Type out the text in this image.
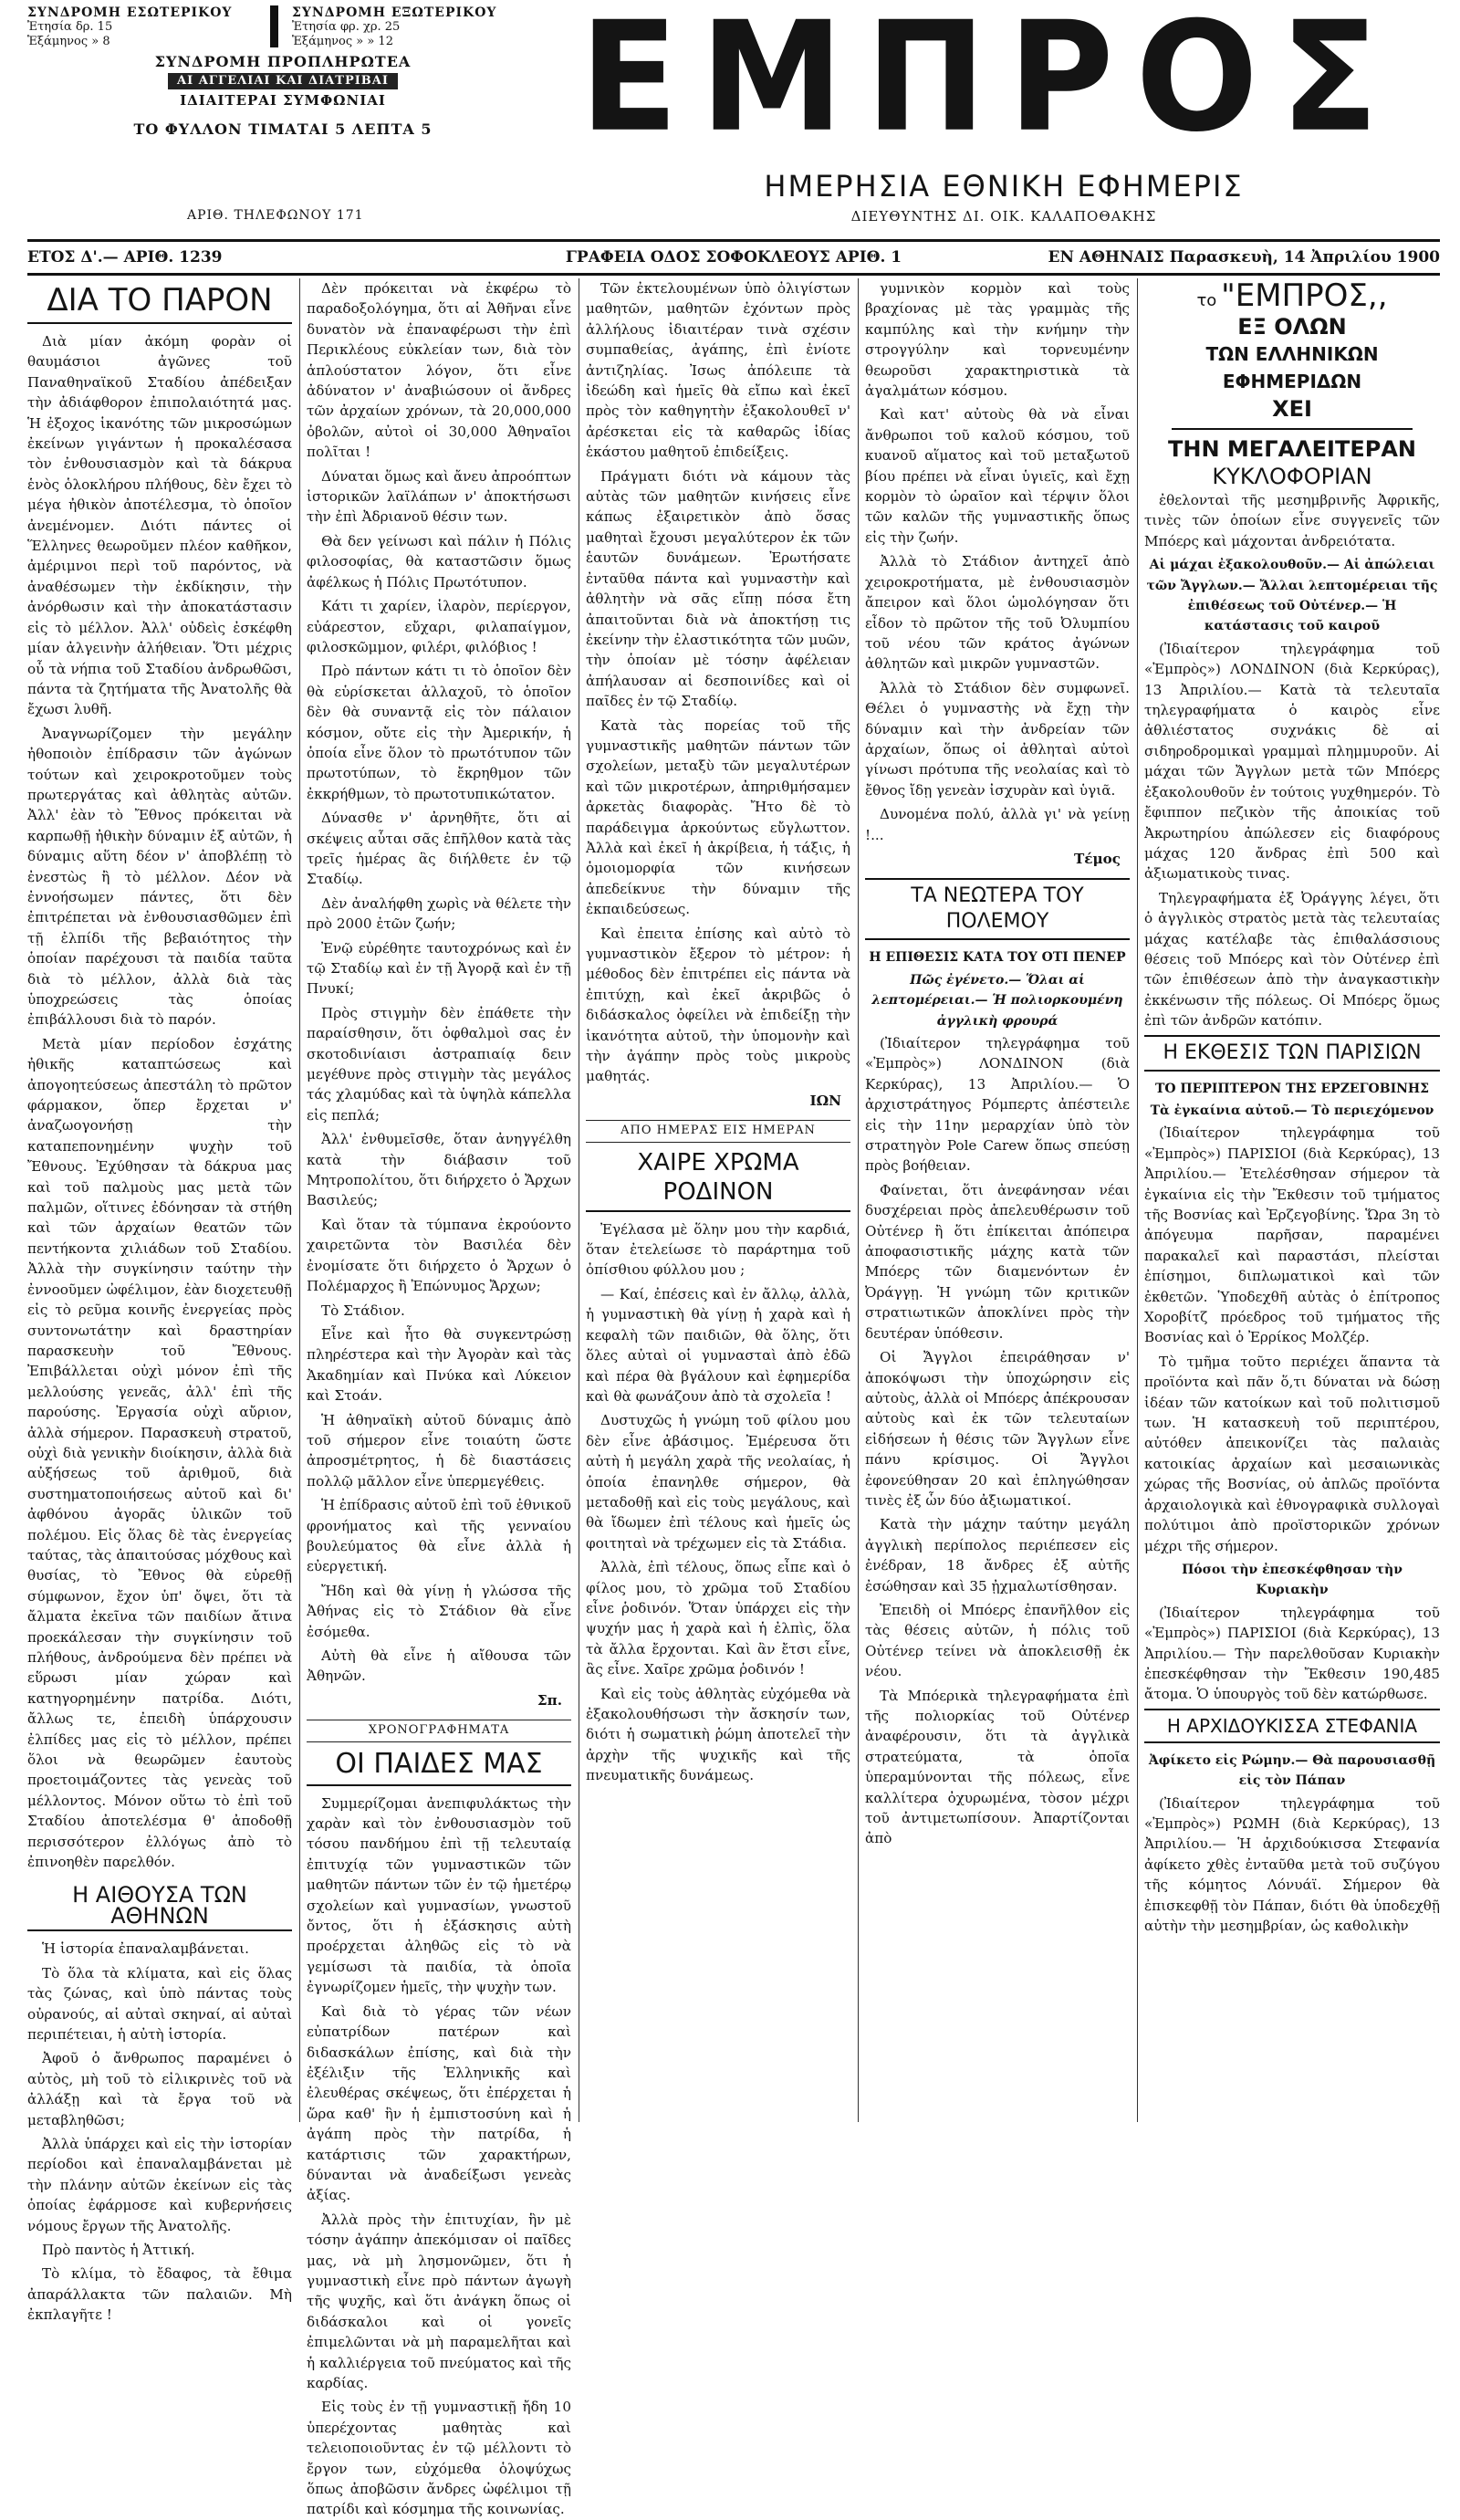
ΣΥΝΔΡΟΜΗ ΕΣΩΤΕΡΙΚΟΥ
Ἐτησία δρ. 15
Ἑξάμηνος » 8
ΣΥΝΔΡΟΜΗ ΕΞΩΤΕΡΙΚΟΥ
Ἐτησία φρ. χρ. 25
Ἑξάμηνος » » 12
ΣΥΝΔΡΟΜΗ ΠΡΟΠΛΗΡΩΤΕΑ
ΑΙ ΑΓΓΕΛΙΑΙ ΚΑΙ ΔΙΑΤΡΙΒΑΙ
ΙΔΙΑΙΤΕΡΑΙ ΣΥΜΦΩΝΙΑΙ
ΤΟ ΦΥΛΛΟΝ ΤΙΜΑΤΑΙ 5 ΛΕΠΤΑ 5
ΑΡΙΘ. ΤΗΛΕΦΩΝΟΥ 171
ΕΜΠΡΟΣ
ΗΜΕΡΗΣΙΑ ΕΘΝΙΚΗ ΕΦΗΜΕΡΙΣ
ΔΙΕΥΘΥΝΤΗΣ ΔΙ. ΟΙΚ. ΚΑΛΑΠΟΘΑΚΗΣ
ΕΤΟΣ Δ'.— ΑΡΙΘ. 1239	ΓΡΑΦΕΙΑ ΟΔΟΣ ΣΟΦΟΚΛΕΟΥΣ ΑΡΙΘ. 1	ΕΝ ΑΘΗΝΑΙΣ Παρασκευὴ, 14 Ἀπριλίου 1900
ΔΙΑ ΤΟ ΠΑΡΟΝ

Διὰ μίαν ἀκόμη φορὰν οἱ θαυμάσιοι ἀγῶνες τοῦ Παναθηναϊκοῦ Σταδίου ἀπέδειξαν τὴν ἀδιάφθορον ἐπιπολαιότητά μας. Ἡ ἐξοχος ἱκανότης τῶν μικροσώμων ἐκείνων γιγάντων ἡ προκαλέσασα τὸν ἐνθουσιασμὸν καὶ τὰ δάκρυα ἑνὸς ὁλοκλήρου πλήθους, δὲν ἔχει τὸ μέγα ἠθικὸν ἀποτέλεσμα, τὸ ὁποῖον ἀνεμένομεν. Διότι πάντες οἱ Ἕλληνες θεωροῦμεν πλέον καθῆκον, ἀμέριμνοι περὶ τοῦ παρόντος, νὰ ἀναθέσωμεν τὴν ἐκδίκησιν, τὴν ἀνόρθωσιν καὶ τὴν ἀποκατάστασιν εἰς τὸ μέλλον. Ἀλλ' οὐδεὶς ἐσκέφθη μίαν ἀλγεινὴν ἀλήθειαν. Ὅτι μέχρις οὗ τὰ νήπια τοῦ Σταδίου ἀνδρωθῶσι, πάντα τὰ ζητήματα τῆς Ἀνατολῆς θὰ ἔχωσι λυθῆ.

Ἀναγνωρίζομεν τὴν μεγάλην ἠθοποιὸν ἐπίδρασιν τῶν ἀγώνων τούτων καὶ χειροκροτοῦμεν τοὺς πρωτεργάτας καὶ ἀθλητὰς αὐτῶν. Ἀλλ' ἐὰν τὸ Ἔθνος πρόκειται νὰ καρπωθῇ ἠθικὴν δύναμιν ἐξ αὐτῶν, ἡ δύναμις αὕτη δέον ν' ἀποβλέπῃ τὸ ἐνεστὼς ἢ τὸ μέλλον. Δέον νὰ ἐννοήσωμεν πάντες, ὅτι δὲν ἐπιτρέπεται νὰ ἐνθουσιασθῶμεν ἐπὶ τῇ ἐλπίδι τῆς βεβαιότητος τὴν ὁποίαν παρέχουσι τὰ παιδία ταῦτα διὰ τὸ μέλλον, ἀλλὰ διὰ τὰς ὑποχρεώσεις τὰς ὁποίας ἐπιβάλλουσι διὰ τὸ παρόν.

Μετὰ μίαν περίοδον ἐσχάτης ἠθικῆς καταπτώσεως καὶ ἀπογοητεύσεως ἀπεστάλη τὸ πρῶτον φάρμακον, ὅπερ ἔρχεται ν' ἀναζωογονήσῃ τὴν καταπεπονημένην ψυχὴν τοῦ Ἔθνους. Ἐχύθησαν τὰ δάκρυα μας καὶ τοῦ παλμοὺς μας μετὰ τῶν παλμῶν, οἵτινες ἐδόνησαν τὰ στήθη καὶ τῶν ἀρχαίων θεατῶν τῶν πεντήκοντα χιλιάδων τοῦ Σταδίου. Ἀλλὰ τὴν συγκίνησιν ταύτην τὴν ἐννοοῦμεν ὠφέλιμον, ἐὰν διοχετευθῇ εἰς τὸ ρεῦμα κοινῆς ἐνεργείας πρὸς συντονωτάτην καὶ δραστηρίαν παρασκευὴν τοῦ Ἔθνους. Ἐπιβάλλεται οὐχὶ μόνον ἐπὶ τῆς μελλούσης γενεᾶς, ἀλλ' ἐπὶ τῆς παρούσης. Ἐργασία οὐχὶ αὔριον, ἀλλὰ σήμερον. Παρασκευὴ στρατοῦ, οὐχὶ διὰ γενικὴν διοίκησιν, ἀλλὰ διὰ αὐξήσεως τοῦ ἀριθμοῦ, διὰ συστηματοποιήσεως αὐτοῦ καὶ δι' ἀφθόνου ἀγορᾶς ὑλικῶν τοῦ πολέμου. Εἰς ὅλας δὲ τὰς ἐνεργείας ταύτας, τὰς ἀπαιτούσας μόχθους καὶ θυσίας, τὸ Ἔθνος θὰ εὑρεθῇ σύμφωνον, ἔχον ὑπ' ὄψει, ὅτι τὰ ἄλματα ἐκεῖνα τῶν παιδίων ἄτινα προεκάλεσαν τὴν συγκίνησιν τοῦ πλήθους, ἀνδρούμενα δὲν πρέπει νὰ εὕρωσι μίαν χώραν καὶ κατηγορημένην πατρίδα. Διότι, ἄλλως τε, ἐπειδὴ ὑπάρχουσιν ἐλπίδες μας εἰς τὸ μέλλον, πρέπει ὅλοι νὰ θεωρῶμεν ἐαυτοὺς προετοιμάζοντες τὰς γενεὰς τοῦ μέλλοντος. Μόνον οὕτω τὸ ἐπὶ τοῦ Σταδίου ἀποτελέσμα θ' ἀποδοθῇ περισσότερον ἐλλόγως ἀπὸ τὸ ἐπινοηθὲν παρελθόν.

Η ΑΙΘΟΥΣΑ ΤΩΝ ΑΘΗΝΩΝ

Ἡ ἱστορία ἐπαναλαμβάνεται.

Τὸ ὅλα τὰ κλίματα, καὶ εἰς ὅλας τὰς ζώνας, καὶ ὑπὸ πάντας τοὺς οὐρανούς, αἱ αὐταὶ σκηναί, αἱ αὐταὶ περιπέτειαι, ἡ αὐτὴ ἱστορία.

Ἀφοῦ ὁ ἄνθρωπος παραμένει ὁ αὐτὸς, μὴ τοῦ τὸ εἰλικρινὲς τοῦ νὰ ἀλλάξῃ καὶ τὰ ἔργα τοῦ νὰ μεταβληθῶσι;

Ἀλλὰ ὑπάρχει καὶ εἰς τὴν ἱστορίαν περίοδοι καὶ ἐπαναλαμβάνεται μὲ τὴν πλάνην αὐτῶν ἐκείνων εἰς τὰς ὁποίας ἐφάρμοσε καὶ κυβερνήσεις νόμους ἔργων τῆς Ἀνατολῆς.

Πρὸ παντὸς ἡ Ἀττική.

Τὸ κλίμα, τὸ ἔδαφος, τὰ ἔθιμα ἀπαράλλακτα τῶν παλαιῶν. Μὴ ἐκπλαγῆτε !

Δὲν πρόκειται νὰ ἐκφέρω τὸ παραδοξολόγημα, ὅτι αἱ Ἀθῆναι εἶνε δυνατὸν νὰ ἐπαναφέρωσι τὴν ἐπὶ Περικλέους εὐκλείαν των, διὰ τὸν ἁπλούστατον λόγον, ὅτι εἶνε ἀδύνατον ν' ἀναβιώσουν οἱ ἄνδρες τῶν ἀρχαίων χρόνων, τὰ 20,000,000 ὀβολῶν, αὐτοὶ οἱ 30,000 Ἀθηναῖοι πολῖται !

Δύναται ὅμως καὶ ἄνευ ἀπροόπτων ἱστορικῶν λαϊλάπων ν' ἀποκτήσωσι τὴν ἐπὶ Ἀδριανοῦ θέσιν των.

Θὰ δεν γείνωσι καὶ πάλιν ἡ Πόλις φιλοσοφίας, θὰ καταστῶσιν ὅμως ἀφέλκως ἡ Πόλις Πρωτότυπον.

Κάτι τι χαρίεν, ἱλαρὸν, περίεργον, εὐάρεστον, εὔχαρι, φιλαπαίγμον, φιλοσκῶμμον, φιλέρι, φιλόβιος !

Πρὸ πάντων κάτι τι τὸ ὁποῖον δὲν θὰ εὑρίσκεται ἀλλαχοῦ, τὸ ὁποῖον δὲν θὰ συναντᾷ εἰς τὸν πάλαιον κόσμον, οὔτε εἰς τὴν Ἀμερικήν, ἡ ὁποία εἶνε ὅλον τὸ πρωτότυπον τῶν πρωτοτύπων, τὸ ἔκρηθμον τῶν ἐκκρήθμων, τὸ πρωτοτυπικώτατον.

Δύνασθε ν' ἀρνηθῆτε, ὅτι αἱ σκέψεις αὗται σᾶς ἐπῆλθον κατὰ τὰς τρεῖς ἡμέρας ἃς διήλθετε ἐν τῷ Σταδίῳ.

Δὲν ἀναλήφθη χωρὶς νὰ θέλετε τὴν πρὸ 2000 ἐτῶν ζωήν;

Ἐνῷ εὐρέθητε ταυτοχρόνως καὶ ἐν τῷ Σταδίῳ καὶ ἐν τῇ Ἀγορᾷ καὶ ἐν τῇ Πνυκί;

Πρὸς στιγμὴν δὲν ἐπάθετε τὴν παραίσθησιν, ὅτι ὀφθαλμοὶ σας ἐν σκοτοδινίαισι ἀστραπιαίᾳ δειν μεγέθυνε πρὸς στιγμὴν τὰς μεγάλος τάς χλαμύδας καὶ τὰ ὑψηλὰ κάπελλα εἰς πεπλά;

Ἀλλ' ἐνθυμεῖσθε, ὅταν ἀνηγγέλθη κατὰ τὴν διάβασιν τοῦ Μητροπολίτου, ὅτι διήρχετο ὁ Ἄρχων Βασιλεύς;

Καὶ ὅταν τὰ τύμπανα ἐκρούοντο χαιρετῶντα τὸν Βασιλέα δὲν ἐνομίσατε ὅτι διήρχετο ὁ Ἄρχων ὁ Πολέμαρχος ἢ Ἐπώνυμος Ἄρχων;

Τὸ Στάδιον.

Εἶνε καὶ ἦτο θὰ συγκεντρώσῃ πληρέστερα καὶ τὴν Ἀγορὰν καὶ τὰς Ἀκαδημίαν καὶ Πνύκα καὶ Λύκειον καὶ Στοάν.

Ἡ ἀθηναϊκὴ αὐτοῦ δύναμις ἀπὸ τοῦ σήμερον εἶνε τοιαύτη ὥστε ἀπροσμέτρητος, ἡ δὲ διαστάσεις πολλῷ μᾶλλον εἶνε ὑπερμεγέθεις.

Ἡ ἐπίδρασις αὐτοῦ ἐπὶ τοῦ ἐθνικοῦ φρονήματος καὶ τῆς γενναίου βουλεύματος θὰ εἶνε ἀλλὰ ἡ εὐεργετική.

Ἤδη καὶ θὰ γίνῃ ἡ γλώσσα τῆς Ἀθήνας εἰς τὸ Στάδιον θὰ εἶνε ἐσόμεθα.

Αὐτὴ θὰ εἶνε ἡ αἴθουσα τῶν Ἀθηνῶν.

Σπ.
ΧΡΟΝΟΓΡΑΦΗΜΑΤΑ
ΟΙ ΠΑΙΔΕΣ ΜΑΣ

Συμμερίζομαι ἀνεπιφυλάκτως τὴν χαρὰν καὶ τὸν ἐνθουσιασμὸν τοῦ τόσου πανδήμου ἐπὶ τῇ τελευταίᾳ ἐπιτυχίᾳ τῶν γυμναστικῶν τῶν μαθητῶν πάντων τῶν ἐν τῷ ἡμετέρῳ σχολείων καὶ γυμνασίων, γνωστοῦ ὄντος, ὅτι ἡ ἐξάσκησις αὐτὴ προέρχεται ἀληθῶς εἰς τὸ νὰ γεμίσωσι τὰ παιδία, τὰ ὁποῖα ἐγνωρίζομεν ἡμεῖς, τὴν ψυχὴν των.

Καὶ διὰ τὸ γέρας τῶν νέων εὐπατρίδων πατέρων καὶ διδασκάλων ἐπίσης, καὶ διὰ τὴν ἐξέλιξιν τῆς Ἑλληνικῆς καὶ ἐλευθέρας σκέψεως, ὅτι ἐπέρχεται ἡ ὥρα καθ' ἣν ἡ ἐμπιστοσύνη καὶ ἡ ἀγάπη πρὸς τὴν πατρίδα, ἡ κατάρτισις τῶν χαρακτήρων, δύνανται νὰ ἀναδείξωσι γενεὰς ἀξίας.

Ἀλλὰ πρὸς τὴν ἐπιτυχίαν, ἣν μὲ τόσην ἀγάπην ἀπεκόμισαν οἱ παῖδες μας, νὰ μὴ λησμονῶμεν, ὅτι ἡ γυμναστικὴ εἶνε πρὸ πάντων ἀγωγὴ τῆς ψυχῆς, καὶ ὅτι ἀνάγκη ὅπως οἱ διδάσκαλοι καὶ οἱ γονεῖς ἐπιμελῶνται νὰ μὴ παραμελῆται καὶ ἡ καλλιέργεια τοῦ πνεύματος καὶ τῆς καρδίας.

Εἰς τοὺς ἐν τῇ γυμναστικῇ ἤδη 10 ὑπερέχοντας μαθητὰς καὶ τελειοποιοῦντας ἐν τῷ μέλλοντι τὸ ἔργον των, εὐχόμεθα ὁλοψύχως ὅπως ἀποβῶσιν ἄνδρες ὠφέλιμοι τῇ πατρίδι καὶ κόσμημα τῆς κοινωνίας.

Τῶν ἐκτελουμένων ὑπὸ ὀλιγίστων μαθητῶν, μαθητῶν ἐχόντων πρὸς ἀλλήλους ἰδιαιτέραν τινὰ σχέσιν συμπαθείας, ἀγάπης, ἐπὶ ἐνίοτε ἀντιζηλίας. Ἰσως ἀπόλειπε τὰ ἰδεώδη καὶ ἡμεῖς θὰ εἴπω καὶ ἐκεῖ πρὸς τὸν καθηγητὴν ἐξακολουθεῖ ν' ἀρέσκεται εἰς τὰ καθαρῶς ἰδίας ἑκάστου μαθητοῦ ἐπιδείξεις.

Πράγματι διότι νὰ κάμουν τὰς αὐτὰς τῶν μαθητῶν κινήσεις εἶνε κάπως ἐξαιρετικὸν ἀπὸ ὅσας μαθηταὶ ἔχουσι μεγαλύτερον ἐκ τῶν ἑαυτῶν δυνάμεων. Ἐρωτήσατε ἐνταῦθα πάντα καὶ γυμναστὴν καὶ ἀθλητὴν νὰ σᾶς εἴπῃ πόσα ἔτη ἀπαιτοῦνται διὰ νὰ ἀποκτήσῃ τις ἐκείνην τὴν ἐλαστικότητα τῶν μυῶν, τὴν ὁποίαν μὲ τόσην ἀφέλειαν ἀπήλαυσαν αἱ δεσποινίδες καὶ οἱ παῖδες ἐν τῷ Σταδίῳ.

Κατὰ τὰς πορείας τοῦ τῆς γυμναστικῆς μαθητῶν πάντων τῶν σχολείων, μεταξὺ τῶν μεγαλυτέρων καὶ τῶν μικροτέρων, ἀπηριθμήσαμεν ἀρκετὰς διαφορὰς. Ἤτο δὲ τὸ παράδειγμα ἀρκούντως εὔγλωττον. Ἀλλὰ καὶ ἐκεῖ ἡ ἀκρίβεια, ἡ τάξις, ἡ ὁμοιομορφία τῶν κινήσεων ἀπεδείκνυε τὴν δύναμιν τῆς ἐκπαιδεύσεως.

Καὶ ἐπειτα ἐπίσης καὶ αὐτὸ τὸ γυμναστικὸν ἔξερον τὸ μέτρον: ἡ μέθοδος δὲν ἐπιτρέπει εἰς πάντα νὰ ἐπιτύχῃ, καὶ ἐκεῖ ἀκριβῶς ὁ διδάσκαλος ὀφείλει νὰ ἐπιδείξῃ τὴν ἱκανότητα αὐτοῦ, τὴν ὑπομονὴν καὶ τὴν ἀγάπην πρὸς τοὺς μικροὺς μαθητάς.

ΙΩΝ
ΑΠΟ ΗΜΕΡΑΣ ΕΙΣ ΗΜΕΡΑΝ
ΧΑΙΡΕ ΧΡΩΜΑ ΡΟΔΙΝΟΝ

Ἐγέλασα μὲ ὅλην μου τὴν καρδιά, ὅταν ἐτελείωσε τὸ παράρτημα τοῦ ὀπίσθιου φύλλου μου ;

— Καί, ἐπέσεις καὶ ἐν ἄλλῳ, ἀλλὰ, ἡ γυμναστικὴ θὰ γίνῃ ἡ χαρὰ καὶ ἡ κεφαλὴ τῶν παιδιῶν, θὰ ὅλης, ὅτι ὅλες αὐταὶ οἱ γυμνασταὶ ἀπὸ ἐδῶ καὶ πέρα θὰ βγάλουν καὶ ἐφημερίδα καὶ θὰ φωνάζουν ἀπὸ τὰ σχολεῖα !

Δυστυχῶς ἡ γνώμη τοῦ φίλου μου δὲν εἶνε ἀβάσιμος. Ἐμέρευσα ὅτι αὐτὴ ἡ μεγάλη χαρὰ τῆς νεολαίας, ἡ ὁποία ἐπανηλθε σήμερον, θὰ μεταδοθῇ καὶ εἰς τοὺς μεγάλους, καὶ θὰ ἴδωμεν ἐπὶ τέλους καὶ ἡμεῖς ὡς φοιτηταὶ νὰ τρέχωμεν εἰς τὰ Στάδια.

Ἀλλὰ, ἐπὶ τέλους, ὅπως εἶπε καὶ ὁ φίλος μου, τὸ χρῶμα τοῦ Σταδίου εἶνε ῥοδινόν. Ὅταν ὑπάρχει εἰς τὴν ψυχήν μας ἡ χαρὰ καὶ ἡ ἐλπὶς, ὅλα τὰ ἄλλα ἔρχονται. Καὶ ἂν ἔτσι εἶνε, ἂς εἶνε. Χαῖρε χρῶμα ῥοδινόν !

Καὶ εἰς τοὺς ἀθλητὰς εὐχόμεθα νὰ ἐξακολουθήσωσι τὴν ἄσκησίν των, διότι ἡ σωματικὴ ῥώμη ἀποτελεῖ τὴν ἀρχὴν τῆς ψυχικῆς καὶ τῆς πνευματικῆς δυνάμεως.

γυμνικὸν κορμὸν καὶ τοὺς βραχίονας μὲ τὰς γραμμὰς τῆς καμπύλης καὶ τὴν κνήμην τὴν στρογγύλην καὶ τορνευμένην θεωροῦσι χαρακτηριστικὰ τὰ ἀγαλμάτων κόσμου.

Καὶ κατ' αὐτοὺς θὰ νὰ εἶναι ἄνθρωποι τοῦ καλοῦ κόσμου, τοῦ κυανοῦ αἵματος καὶ τοῦ μεταξωτοῦ βίου πρέπει νὰ εἶναι ὑγιεῖς, καὶ ἔχῃ κορμὸν τὸ ὡραῖον καὶ τέρψιν ὅλοι τῶν καλῶν τῆς γυμναστικῆς ὅπως εἰς τὴν ζωήν.

Ἀλλὰ τὸ Στάδιον ἀντηχεῖ ἀπὸ χειροκροτήματα, μὲ ἐνθουσιασμὸν ἄπειρον καὶ ὅλοι ὡμολόγησαν ὅτι εἶδον τὸ πρῶτον τῆς τοῦ Ὀλυμπίου τοῦ νέου τῶν κράτος ἀγώνων ἀθλητῶν καὶ μικρῶν γυμναστῶν.

Ἀλλὰ τὸ Στάδιον δὲν συμφωνεῖ. Θέλει ὁ γυμναστὴς νὰ ἔχῃ τὴν δύναμιν καὶ τὴν ἀνδρείαν τῶν ἀρχαίων, ὅπως οἱ ἀθληταὶ αὐτοὶ γίνωσι πρότυπα τῆς νεολαίας καὶ τὸ ἔθνος ἴδῃ γενεὰν ἰσχυρὰν καὶ ὑγιᾶ.

Δυνομένα πολύ, ἀλλὰ γι' νὰ γείνῃ !...

Τέμος
ΤΑ ΝΕΩΤΕΡΑ ΤΟΥ ΠΟΛΕΜΟΥ
Η ΕΠΙΘΕΣΙΣ ΚΑΤΑ ΤΟΥ ΟΤΙ ΠΕΝΕΡ
Πῶς ἐγένετο.— Ὅλαι αἱ λεπτομέρειαι.— Ἡ πολιορκουμένη ἀγγλικὴ φρουρά

(Ἰδιαίτερον τηλεγράφημα τοῦ «Ἐμπρὸς») ΛΟΝΔΙΝΟΝ (διὰ Κερκύρας), 13 Ἀπριλίου.— Ὁ ἀρχιστράτηγος Ρόμπερτς ἀπέστειλε εἰς τὴν 11ην μεραρχίαν ὑπὸ τὸν στρατηγὸν Pole Carew ὅπως σπεύσῃ πρὸς βοήθειαν.

Φαίνεται, ὅτι ἀνεφάνησαν νέαι δυσχέρειαι πρὸς ἀπελευθέρωσιν τοῦ Οὐτένερ ἢ ὅτι ἐπίκειται ἀπόπειρα ἀποφασιστικῆς μάχης κατὰ τῶν Μπόερς τῶν διαμενόντων ἐν Ὀράγγῃ. Ἡ γνώμη τῶν κριτικῶν στρατιωτικῶν ἀποκλίνει πρὸς τὴν δευτέραν ὑπόθεσιν.

Οἱ Ἄγγλοι ἐπειράθησαν ν' ἀποκόψωσι τὴν ὑποχώρησιν εἰς αὐτοὺς, ἀλλὰ οἱ Μπόερς ἀπέκρουσαν αὐτοὺς καὶ ἐκ τῶν τελευταίων εἰδήσεων ἡ θέσις τῶν Ἄγγλων εἶνε πάνυ κρίσιμος. Οἱ Ἄγγλοι ἐφονεύθησαν 20 καὶ ἐπληγώθησαν τινὲς ἐξ ὧν δύο ἀξιωματικοί.

Κατὰ τὴν μάχην ταύτην μεγάλη ἀγγλικὴ περίπολος περιέπεσεν εἰς ἐνέδραν, 18 ἄνδρες ἐξ αὐτῆς ἐσώθησαν καὶ 35 ᾐχμαλωτίσθησαν.

Ἐπειδὴ οἱ Μπόερς ἐπανῆλθον εἰς τὰς θέσεις αὐτῶν, ἡ πόλις τοῦ Οὐτένερ τείνει νὰ ἀποκλεισθῇ ἐκ νέου.

Τὰ Μπόερικὰ τηλεγραφήματα ἐπὶ τῆς πολιορκίας τοῦ Οὐτένερ ἀναφέρουσιν, ὅτι τὰ ἀγγλικὰ στρατεύματα, τὰ ὁποῖα ὑπεραμύνονται τῆς πόλεως, εἶνε καλλίτερα ὀχυρωμένα, τὸσον μέχρι τοῦ ἀντιμετωπίσουν. Ἀπαρτίζονται ἀπὸ

το "ΕΜΠΡΟΣ,,
ΕΞ ΟΛΩΝ
ΤΩΝ ΕΛΛΗΝΙΚΩΝ ΕΦΗΜΕΡΙΔΩΝ
ΧΕΙ
ΤΗΝ ΜΕΓΑΛΕΙΤΕΡΑΝ
ΚΥΚΛΟΦΟΡΙΑΝ

ἐθελονταὶ τῆς μεσημβρινῆς Ἀφρικῆς, τινὲς τῶν ὁποίων εἶνε συγγενεῖς τῶν Μπόερς καὶ μάχονται ἀνδρειότατα.

Αἱ μάχαι ἐξακολουθοῦν.— Αἱ ἀπώλειαι τῶν Ἄγγλων.— Ἄλλαι λεπτομέρειαι τῆς ἐπιθέσεως τοῦ Οὐτένερ.— Ἡ κατάστασις τοῦ καιροῦ

(Ἰδιαίτερον τηλεγράφημα τοῦ «Ἐμπρὸς») ΛΟΝΔΙΝΟΝ (διὰ Κερκύρας), 13 Ἀπριλίου.— Κατὰ τὰ τελευταῖα τηλεγραφήματα ὁ καιρὸς εἶνε ἀθλιέστατος συχνάκις δὲ αἱ σιδηροδρομικαὶ γραμμαὶ πλημμυροῦν. Αἱ μάχαι τῶν Ἄγγλων μετὰ τῶν Μπόερς ἐξακολουθοῦν ἐν τούτοις γυχθημερόν. Τὸ ἔφιππον πεζικὸν τῆς ἀποικίας τοῦ Ἀκρωτηρίου ἀπώλεσεν εἰς διαφόρους μάχας 120 ἄνδρας ἐπὶ 500 καὶ ἀξιωματικοὺς τινας.

Τηλεγραφήματα ἐξ Ὀράγγης λέγει, ὅτι ὁ ἀγγλικὸς στρατὸς μετὰ τὰς τελευταίας μάχας κατέλαβε τὰς ἐπιθαλάσσιους θέσεις τοῦ Μπόερς καὶ τὸν Οὐτένερ ἐπὶ τῶν ἐπιθέσεων ἀπὸ τὴν ἀναγκαστικὴν ἐκκένωσιν τῆς πόλεως. Οἱ Μπόερς ὅμως ἐπὶ τῶν ἀνδρῶν κατόπιν.

Η ΕΚΘΕΣΙΣ ΤΩΝ ΠΑΡΙΣΙΩΝ
ΤΟ ΠΕΡΙΠΤΕΡΟΝ ΤΗΣ ΕΡΖΕΓΟΒΙΝΗΣ
Τὰ ἐγκαίνια αὐτοῦ.— Τὸ περιεχόμενον

(Ἰδιαίτερον τηλεγράφημα τοῦ «Ἐμπρὸς») ΠΑΡΙΣΙΟΙ (διὰ Κερκύρας), 13 Ἀπριλίου.— Ἐτελέσθησαν σήμερον τὰ ἐγκαίνια εἰς τὴν Ἔκθεσιν τοῦ τμήματος τῆς Βοσνίας καὶ Ἐρζεγοβίνης. Ὥρα 3η τὸ ἀπόγευμα παρῆσαν, παραμένει παρακαλεῖ καὶ παραστάσι, πλείσται ἐπίσημοι, διπλωματικοὶ καὶ τῶν ἐκθετῶν. Ὑποδεχθῆ αὐτὰς ὁ ἐπίτροπος Χοροβίτζ πρόεδρος τοῦ τμήματος τῆς Βοσνίας καὶ ὁ Ἐρρίκος Μολζέρ.

Τὸ τμῆμα τοῦτο περιέχει ἅπαντα τὰ προϊόντα καὶ πᾶν ὅ,τι δύναται νὰ δώσῃ ἰδέαν τῶν κατοίκων καὶ τοῦ πολιτισμοῦ των. Ἡ κατασκευὴ τοῦ περιπτέρου, αὐτόθεν ἀπεικονίζει τὰς παλαιὰς κατοικίας ἀρχαίων καὶ μεσαιωνικὰς χώρας τῆς Βοσνίας, οὐ ἀπλῶς προϊόντα ἀρχαιολογικὰ καὶ ἐθνογραφικὰ συλλογαὶ πολύτιμοι ἀπὸ προϊστορικῶν χρόνων μέχρι τῆς σήμερον.

Πόσοι τὴν ἐπεσκέφθησαν τὴν Κυριακὴν

(Ἰδιαίτερον τηλεγράφημα τοῦ «Ἐμπρὸς») ΠΑΡΙΣΙΟΙ (διὰ Κερκύρας), 13 Ἀπριλίου.— Τὴν παρελθοῦσαν Κυριακὴν ἐπεσκέφθησαν τὴν Ἔκθεσιν 190,485 ἄτομα. Ὁ ὑπουργὸς τοῦ δὲν κατώρθωσε.

Η ΑΡΧΙΔΟΥΚΙΣΣΑ ΣΤΕΦΑΝΙΑ
Ἀφίκετο εἰς Ρώμην.— Θὰ παρουσιασθῇ εἰς τὸν Πάπαν

(Ἰδιαίτερον τηλεγράφημα τοῦ «Ἐμπρὸς») ΡΩΜΗ (διὰ Κερκύρας), 13 Ἀπριλίου.— Ἡ ἀρχιδούκισσα Στεφανία ἀφίκετο χθὲς ἐνταῦθα μετὰ τοῦ συζύγου τῆς κόμητος Λόνυάϊ. Σήμερον θὰ ἐπισκεφθῇ τὸν Πάπαν, διότι θὰ ὑποδεχθῇ αὐτὴν τὴν μεσημβρίαν, ὡς καθολικὴν
